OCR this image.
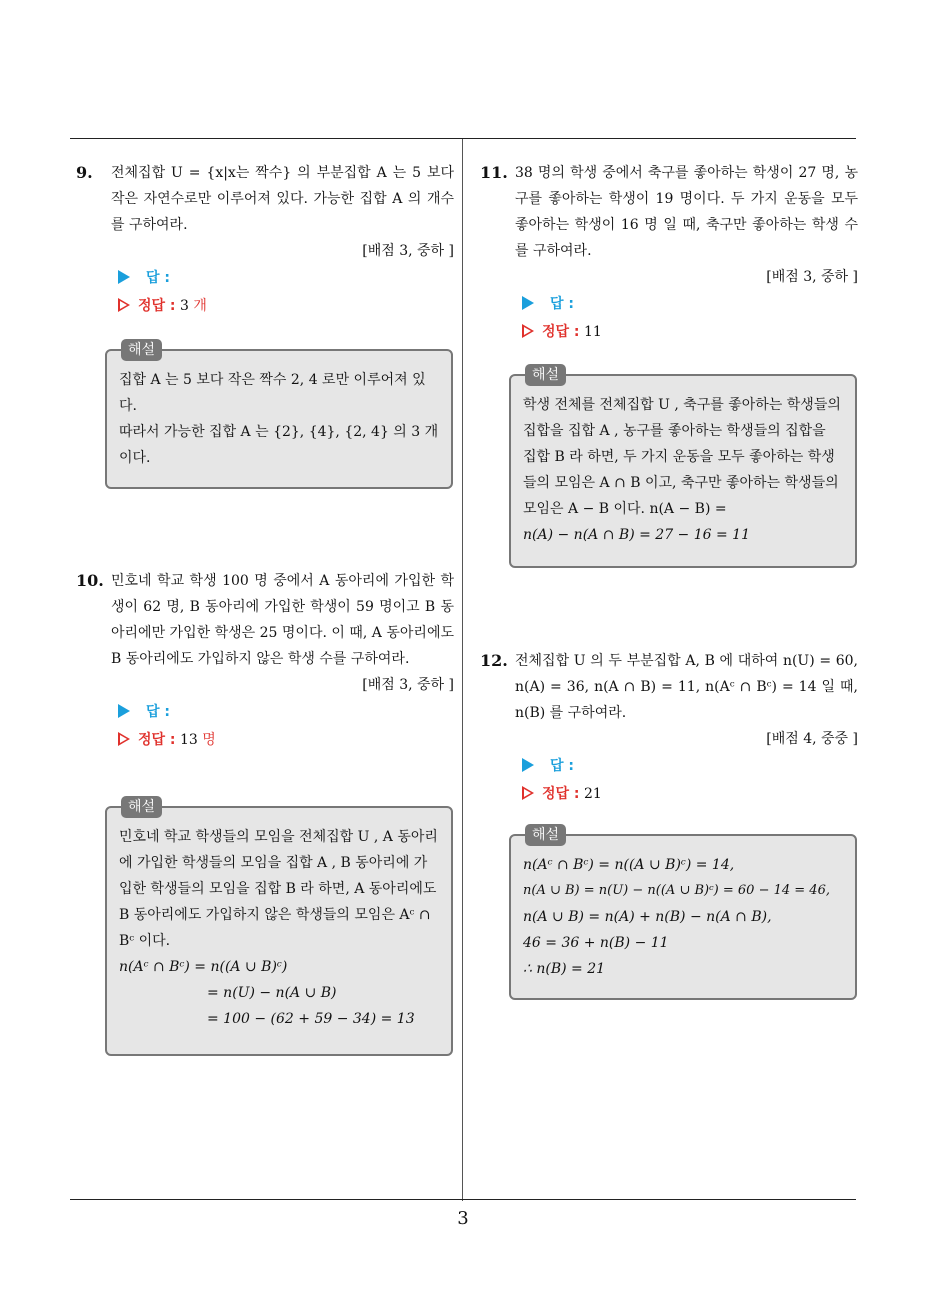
9. 전체집합 U = {x|x는 짝수} 의 부분집합 A 는 5 보다 작은 자연수로만 이루어져 있다. 가능한 집합 A 의 개수를 구하여라.
[배점 3, 중하 ]
답 :
정답 : 3 개
해설
집합 A 는 5 보다 작은 짝수 2, 4 로만 이루어져 있다.
따라서 가능한 집합 A 는 {2}, {4}, {2, 4} 의 3 개이다.
10. 민호네 학교 학생 100 명 중에서 A 동아리에 가입한 학생이 62 명, B 동아리에 가입한 학생이 59 명이고 B 동아리에만 가입한 학생은 25 명이다. 이 때, A 동아리에도 B 동아리에도 가입하지 않은 학생 수를 구하여라.
[배점 3, 중하 ]
답 :
정답 : 13 명
해설
민호네 학교 학생들의 모임을 전체집합 U , A 동아리에 가입한 학생들의 모임을 집합 A , B 동아리에 가입한 학생들의 모임을 집합 B 라 하면, A 동아리에도 B 동아리에도 가입하지 않은 학생들의 모임은 Aᶜ ∩ Bᶜ 이다.
n(Aᶜ ∩ Bᶜ) = n((A ∪ B)ᶜ)
= n(U) − n(A ∪ B)
= 100 − (62 + 59 − 34) = 13
11. 38 명의 학생 중에서 축구를 좋아하는 학생이 27 명, 농구를 좋아하는 학생이 19 명이다. 두 가지 운동을 모두 좋아하는 학생이 16 명 일 때, 축구만 좋아하는 학생 수를 구하여라.
[배점 3, 중하 ]
답 :
정답 : 11
해설
학생 전체를 전체집합 U , 축구를 좋아하는 학생들의 집합을 집합 A , 농구를 좋아하는 학생들의 집합을 집합 B 라 하면, 두 가지 운동을 모두 좋아하는 학생들의 모임은 A ∩ B 이고, 축구만 좋아하는 학생들의 모임은 A − B 이다. n(A − B) =
n(A) − n(A ∩ B) = 27 − 16 = 11
12. 전체집합 U 의 두 부분집합 A, B 에 대하여 n(U) = 60, n(A) = 36, n(A ∩ B) = 11, n(Aᶜ ∩ Bᶜ) = 14 일 때, n(B) 를 구하여라.
[배점 4, 중중 ]
답 :
정답 : 21
해설
n(Aᶜ ∩ Bᶜ) = n((A ∪ B)ᶜ) = 14,
n(A ∪ B) = n(U) − n((A ∪ B)ᶜ) = 60 − 14 = 46,
n(A ∪ B) = n(A) + n(B) − n(A ∩ B),
46 = 36 + n(B) − 11
∴ n(B) = 21
3
